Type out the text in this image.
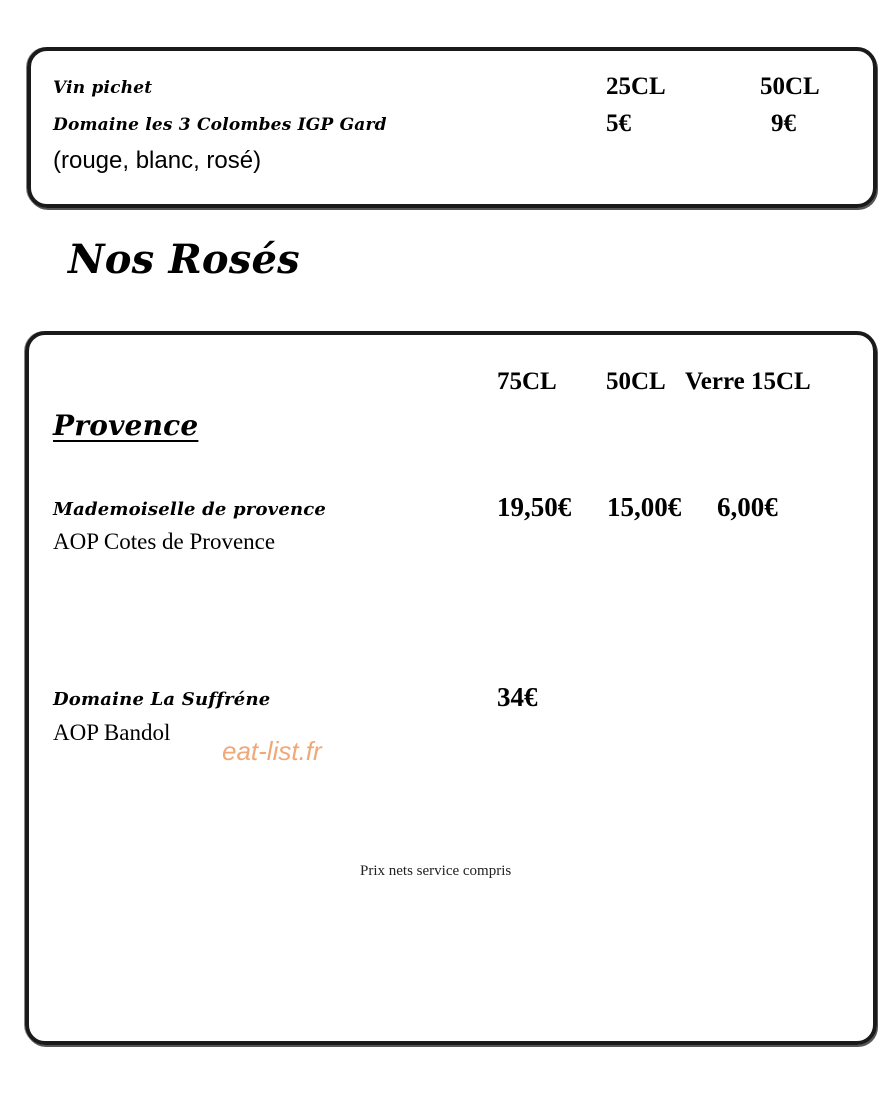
Vin pichet
Domaine les 3 Colombes IGP Gard
(rouge, blanc, rosé)
25CL	50CL
5€	9€
Nos Rosés
75CL 50CL Verre 15CL
Provence
Mademoiselle de provence
AOP Cotes de Provence
19,50€ 15,00€ 6,00€
Domaine La Suffréne
AOP Bandol
34€
eat-list.fr
Prix nets service compris
